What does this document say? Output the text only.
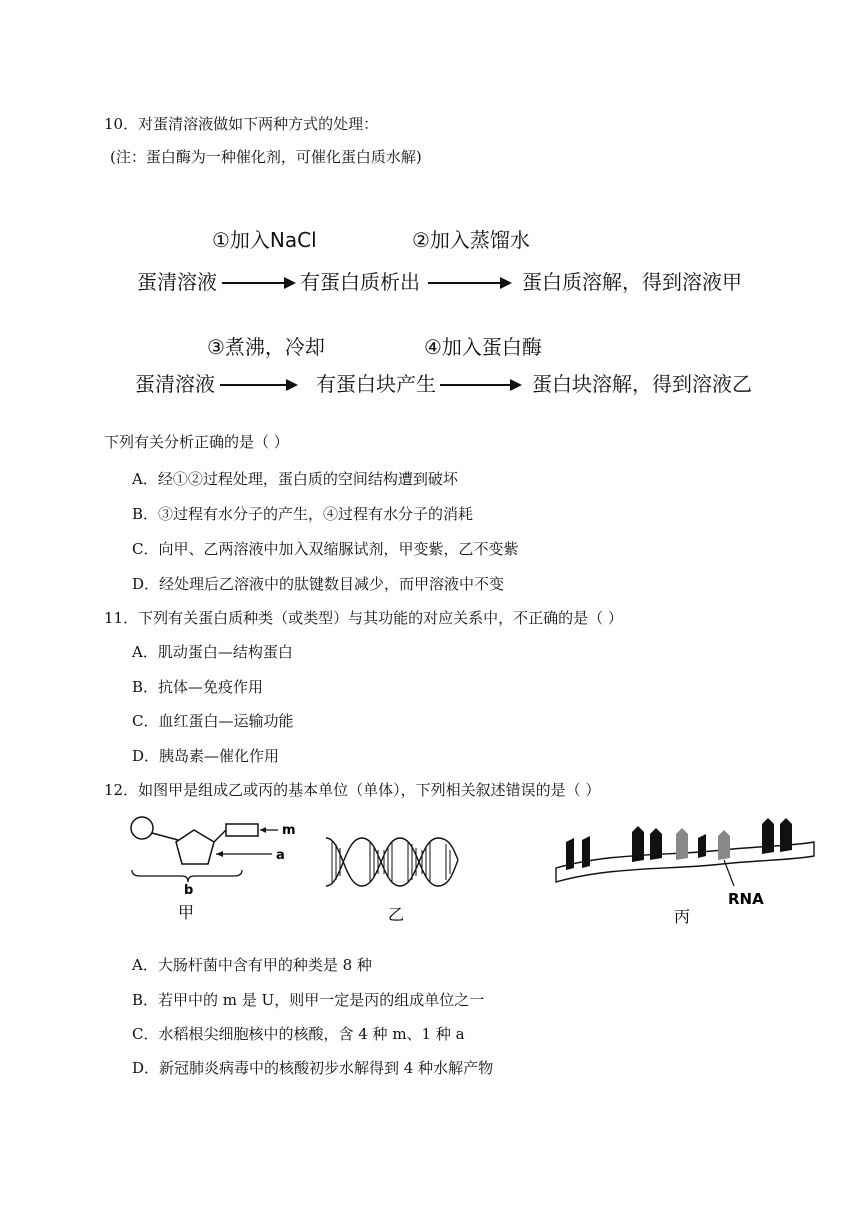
10．对蛋清溶液做如下两种方式的处理：
(注：蛋白酶为一种催化剂，可催化蛋白质水解)
①加入NaCl	②加入蒸馏水
蛋清溶液	有蛋白质析出	蛋白质溶解，得到溶液甲
③煮沸，冷却	④加入蛋白酶
蛋清溶液	有蛋白块产生	蛋白块溶解，得到溶液乙
下列有关分析正确的是（ ）
A．经①②过程处理，蛋白质的空间结构遭到破坏
B．③过程有水分子的产生，④过程有水分子的消耗
C．向甲、乙两溶液中加入双缩脲试剂，甲变紫，乙不变紫
D．经处理后乙溶液中的肽键数目减少，而甲溶液中不变
11．下列有关蛋白质种类（或类型）与其功能的对应关系中，不正确的是（ ）
A．肌动蛋白—结构蛋白
B．抗体—免疫作用
C．血红蛋白—运输功能
D．胰岛素—催化作用
12．如图甲是组成乙或丙的基本单位（单体），下列相关叙述错误的是（ ）
m
a
b
甲	乙
RNA
丙
A．大肠杆菌中含有甲的种类是 8 种
B．若甲中的 m 是 U，则甲一定是丙的组成单位之一
C．水稻根尖细胞核中的核酸，含 4 种 m、1 种 a
D．新冠肺炎病毒中的核酸初步水解得到 4 种水解产物
